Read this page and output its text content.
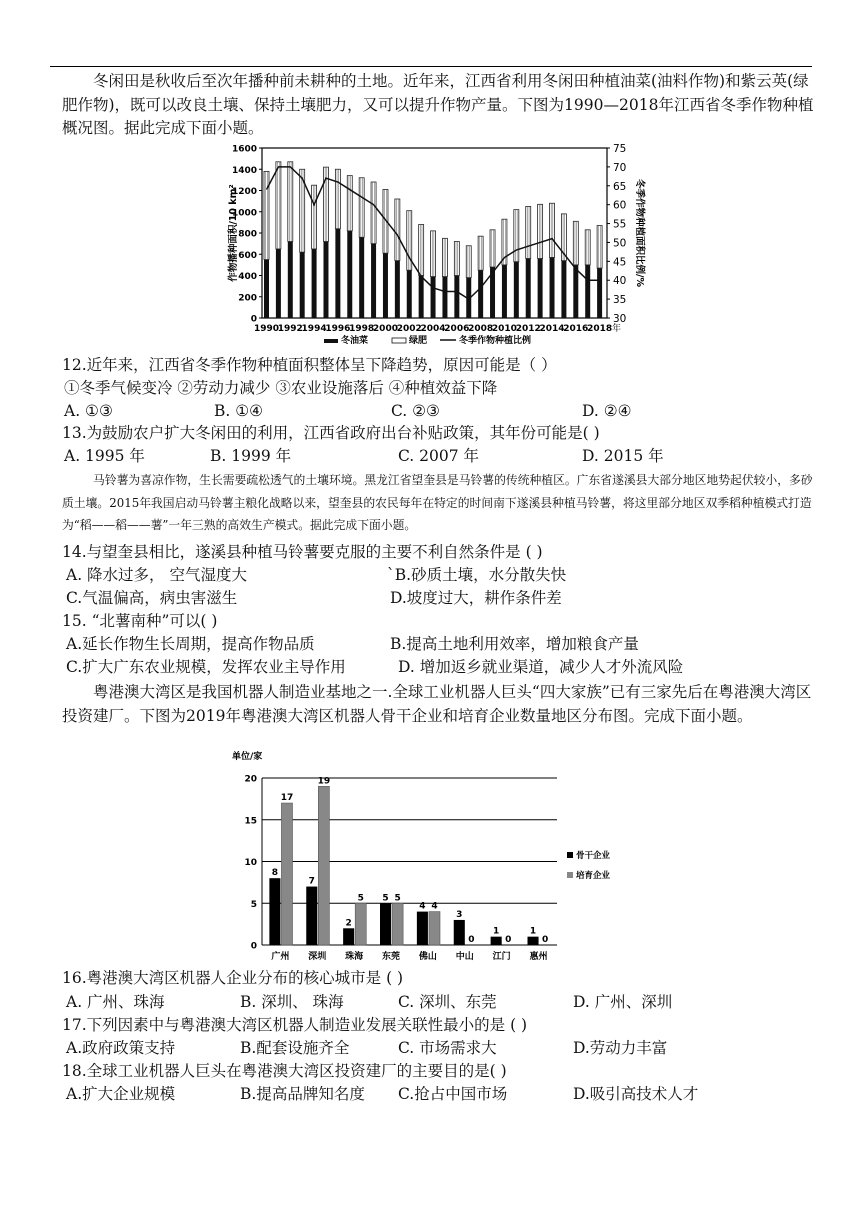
冬闲田是秋收后至次年播种前未耕种的土地。近年来，江西省利用冬闲田种植油菜(油料作物)和紫云英(绿肥作物)，既可以改良土壤、保持土壤肥力，又可以提升作物产量。下图为1990—2018年江西省冬季作物种植概况图。据此完成下面小题。

0
200
400
600
800
1000
1200
1400
1600
30
35
40
45
50
55
60
65
70
75
1990
1992
1994
1996
1998
2000
2002
2004
2006
2008
2010
2012
2014
2016
2018 年
作物播种面积/10 km²	冬季作物种植面积比例/%
冬油菜	绿肥	冬季作物种植比例
12.近年来，江西省冬季作物种植面积整体呈下降趋势，原因可能是（ ）
①冬季气候变冷 ②劳动力减少 ③农业设施落后 ④种植效益下降
A. ①③	B. ①④	C. ②③	D. ②④
13.为鼓励农户扩大冬闲田的利用，江西省政府出台补贴政策，其年份可能是( )
A. 1995 年	B. 1999 年	C. 2007 年	D. 2015 年

马铃薯为喜凉作物，生长需要疏松透气的土壤环境。黑龙江省望奎县是马铃薯的传统种植区。广东省遂溪县大部分地区地势起伏较小，多砂质土壤。2015年我国启动马铃薯主粮化战略以来，望奎县的农民每年在特定的时间南下遂溪县种植马铃薯，将这里部分地区双季稻种植模式打造为“稻——稻——薯”一年三熟的高效生产模式。据此完成下面小题。

14.与望奎县相比，遂溪县种植马铃薯要克服的主要不利自然条件是 ( )
A. 降水过多， 空气湿度大	`B.砂质土壤，水分散失快
C.气温偏高，病虫害滋生	D.坡度过大，耕作条件差
15. “北薯南种”可以( )
A.延长作物生长周期，提高作物品质	B.提高土地利用效率，增加粮食产量
C.扩大广东农业规模，发挥农业主导作用	D. 增加返乡就业渠道，减少人才外流风险

粤港澳大湾区是我国机器人制造业基地之一.全球工业机器人巨头“四大家族”已有三家先后在粤港澳大湾区投资建厂。下图为2019年粤港澳大湾区机器人骨干企业和培育企业数量地区分布图。完成下面小题。

单位/家
0
5
10
15
20
8
17
广州
7
19
深圳
2
5
珠海
5 5
东莞
4 4
佛山
3
0
中山
1
0
江门
1
0
惠州
骨干企业
培育企业
16.粤港澳大湾区机器人企业分布的核心城市是 ( )
A. 广州、珠海	B. 深圳、 珠海	C. 深圳、东莞	D. 广州、深圳
17.下列因素中与粤港澳大湾区机器人制造业发展关联性最小的是 ( )
A.政府政策支持	B.配套设施齐全	C. 市场需求大	D.劳动力丰富
18.全球工业机器人巨头在粤港澳大湾区投资建厂的主要目的是( )
A.扩大企业规模	B.提高品牌知名度 C.抢占中国市场	D.吸引高技术人才
